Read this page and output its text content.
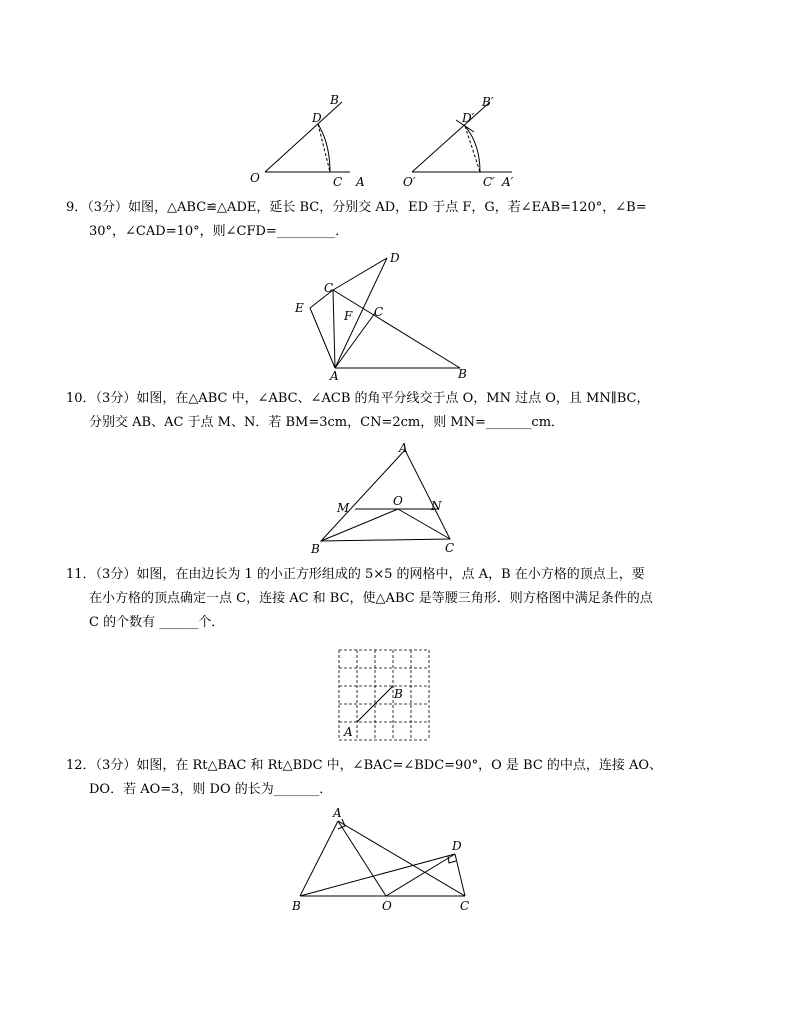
B
D
O	C A
B′
D′
O′	C′ A′
9．（3分）如图，△ABC≌△ADE，延长 BC，分别交 AD，ED 于点 F，G，若∠EAB=120°，∠B=
30°，∠CAD=10°，则∠CFD=_________．
D
C
C
E
F
A	B
10．（3分）如图，在△ABC 中，∠ABC、∠ACB 的角平分线交于点 O，MN 过点 O，且 MN∥BC，
分别交 AB、AC 于点 M、N．若 BM=3cm，CN=2cm，则 MN=_______cm．
A
M	O N
B	C
11．（3分）如图，在由边长为 1 的小正方形组成的 5×5 的网格中，点 A，B 在小方格的顶点上，要
在小方格的顶点确定一点 C，连接 AC 和 BC，使△ABC 是等腰三角形．则方格图中满足条件的点
C 的个数有 ______个．
A
B
12．（3分）如图，在 Rt△BAC 和 Rt△BDC 中，∠BAC=∠BDC=90°，O 是 BC 的中点，连接 AO、
DO．若 AO=3，则 DO 的长为_______．
A
D
B	O	C
